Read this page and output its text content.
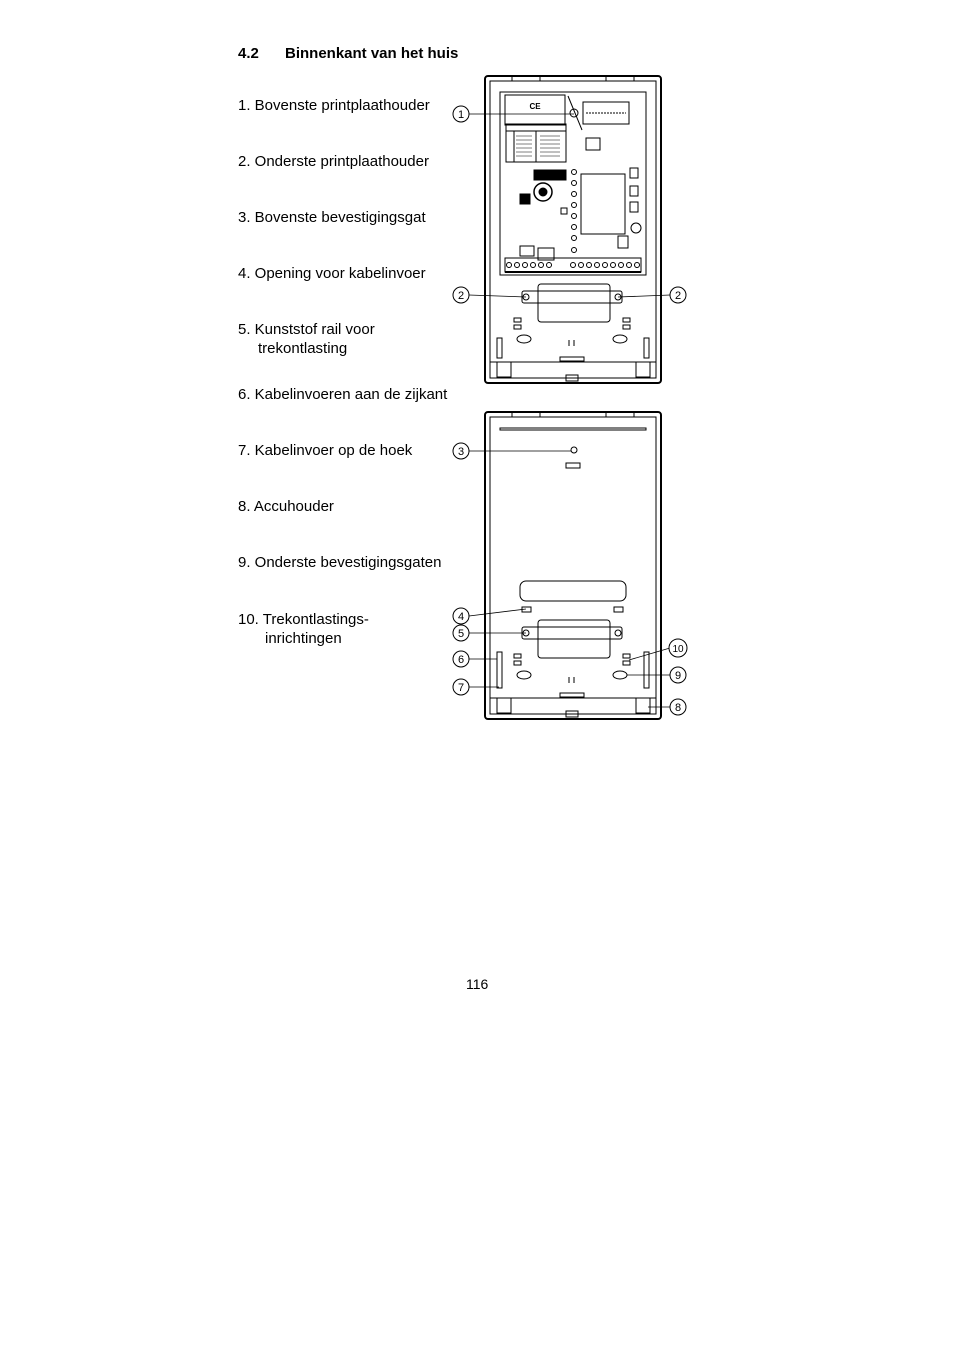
4.2 Binnenkant van het huis
1. Bovenste printplaathouder
2. Onderste printplaathouder
3. Bovenste bevestigingsgat
4. Opening voor kabelinvoer
5. Kunststof rail voor
trekontlasting
6. Kabelinvoeren aan de zijkant
7. Kabelinvoer op de hoek
8. Accuhouder
9. Onderste bevestigingsgaten
10. Trekontlastings-
inrichtingen
CE
1
2	2
3
4
5
6
7
8
9
10
116
